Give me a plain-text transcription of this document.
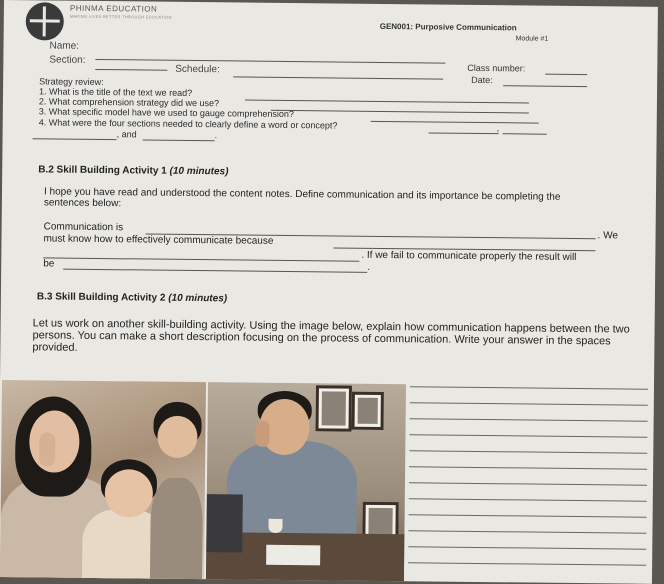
PHINMA EDUCATION
MAKING LIVES BETTER THROUGH EDUCATION
GEN001: Purposive Communication
Module #1
Name:
Section:
Schedule:	Class number:
Date:
Strategy review:
1. What is the title of the text we read?
2. What comprehension strategy did we use?
3. What specific model have we used to gauge comprehension?
4. What were the four sections needed to clearly define a word or concept?	,
, and	.
B.2 Skill Building Activity 1 (10 minutes)
I hope you have read and understood the content notes. Define communication and its importance be completing the sentences below:
Communication is
. We
must know how to effectively communicate because
. If we fail to communicate properly the result will
be	.
B.3 Skill Building Activity 2 (10 minutes)
Let us work on another skill-building activity. Using the image below, explain how communication happens between the two persons. You can make a short description focusing on the process of communication. Write your answer in the spaces provided.
